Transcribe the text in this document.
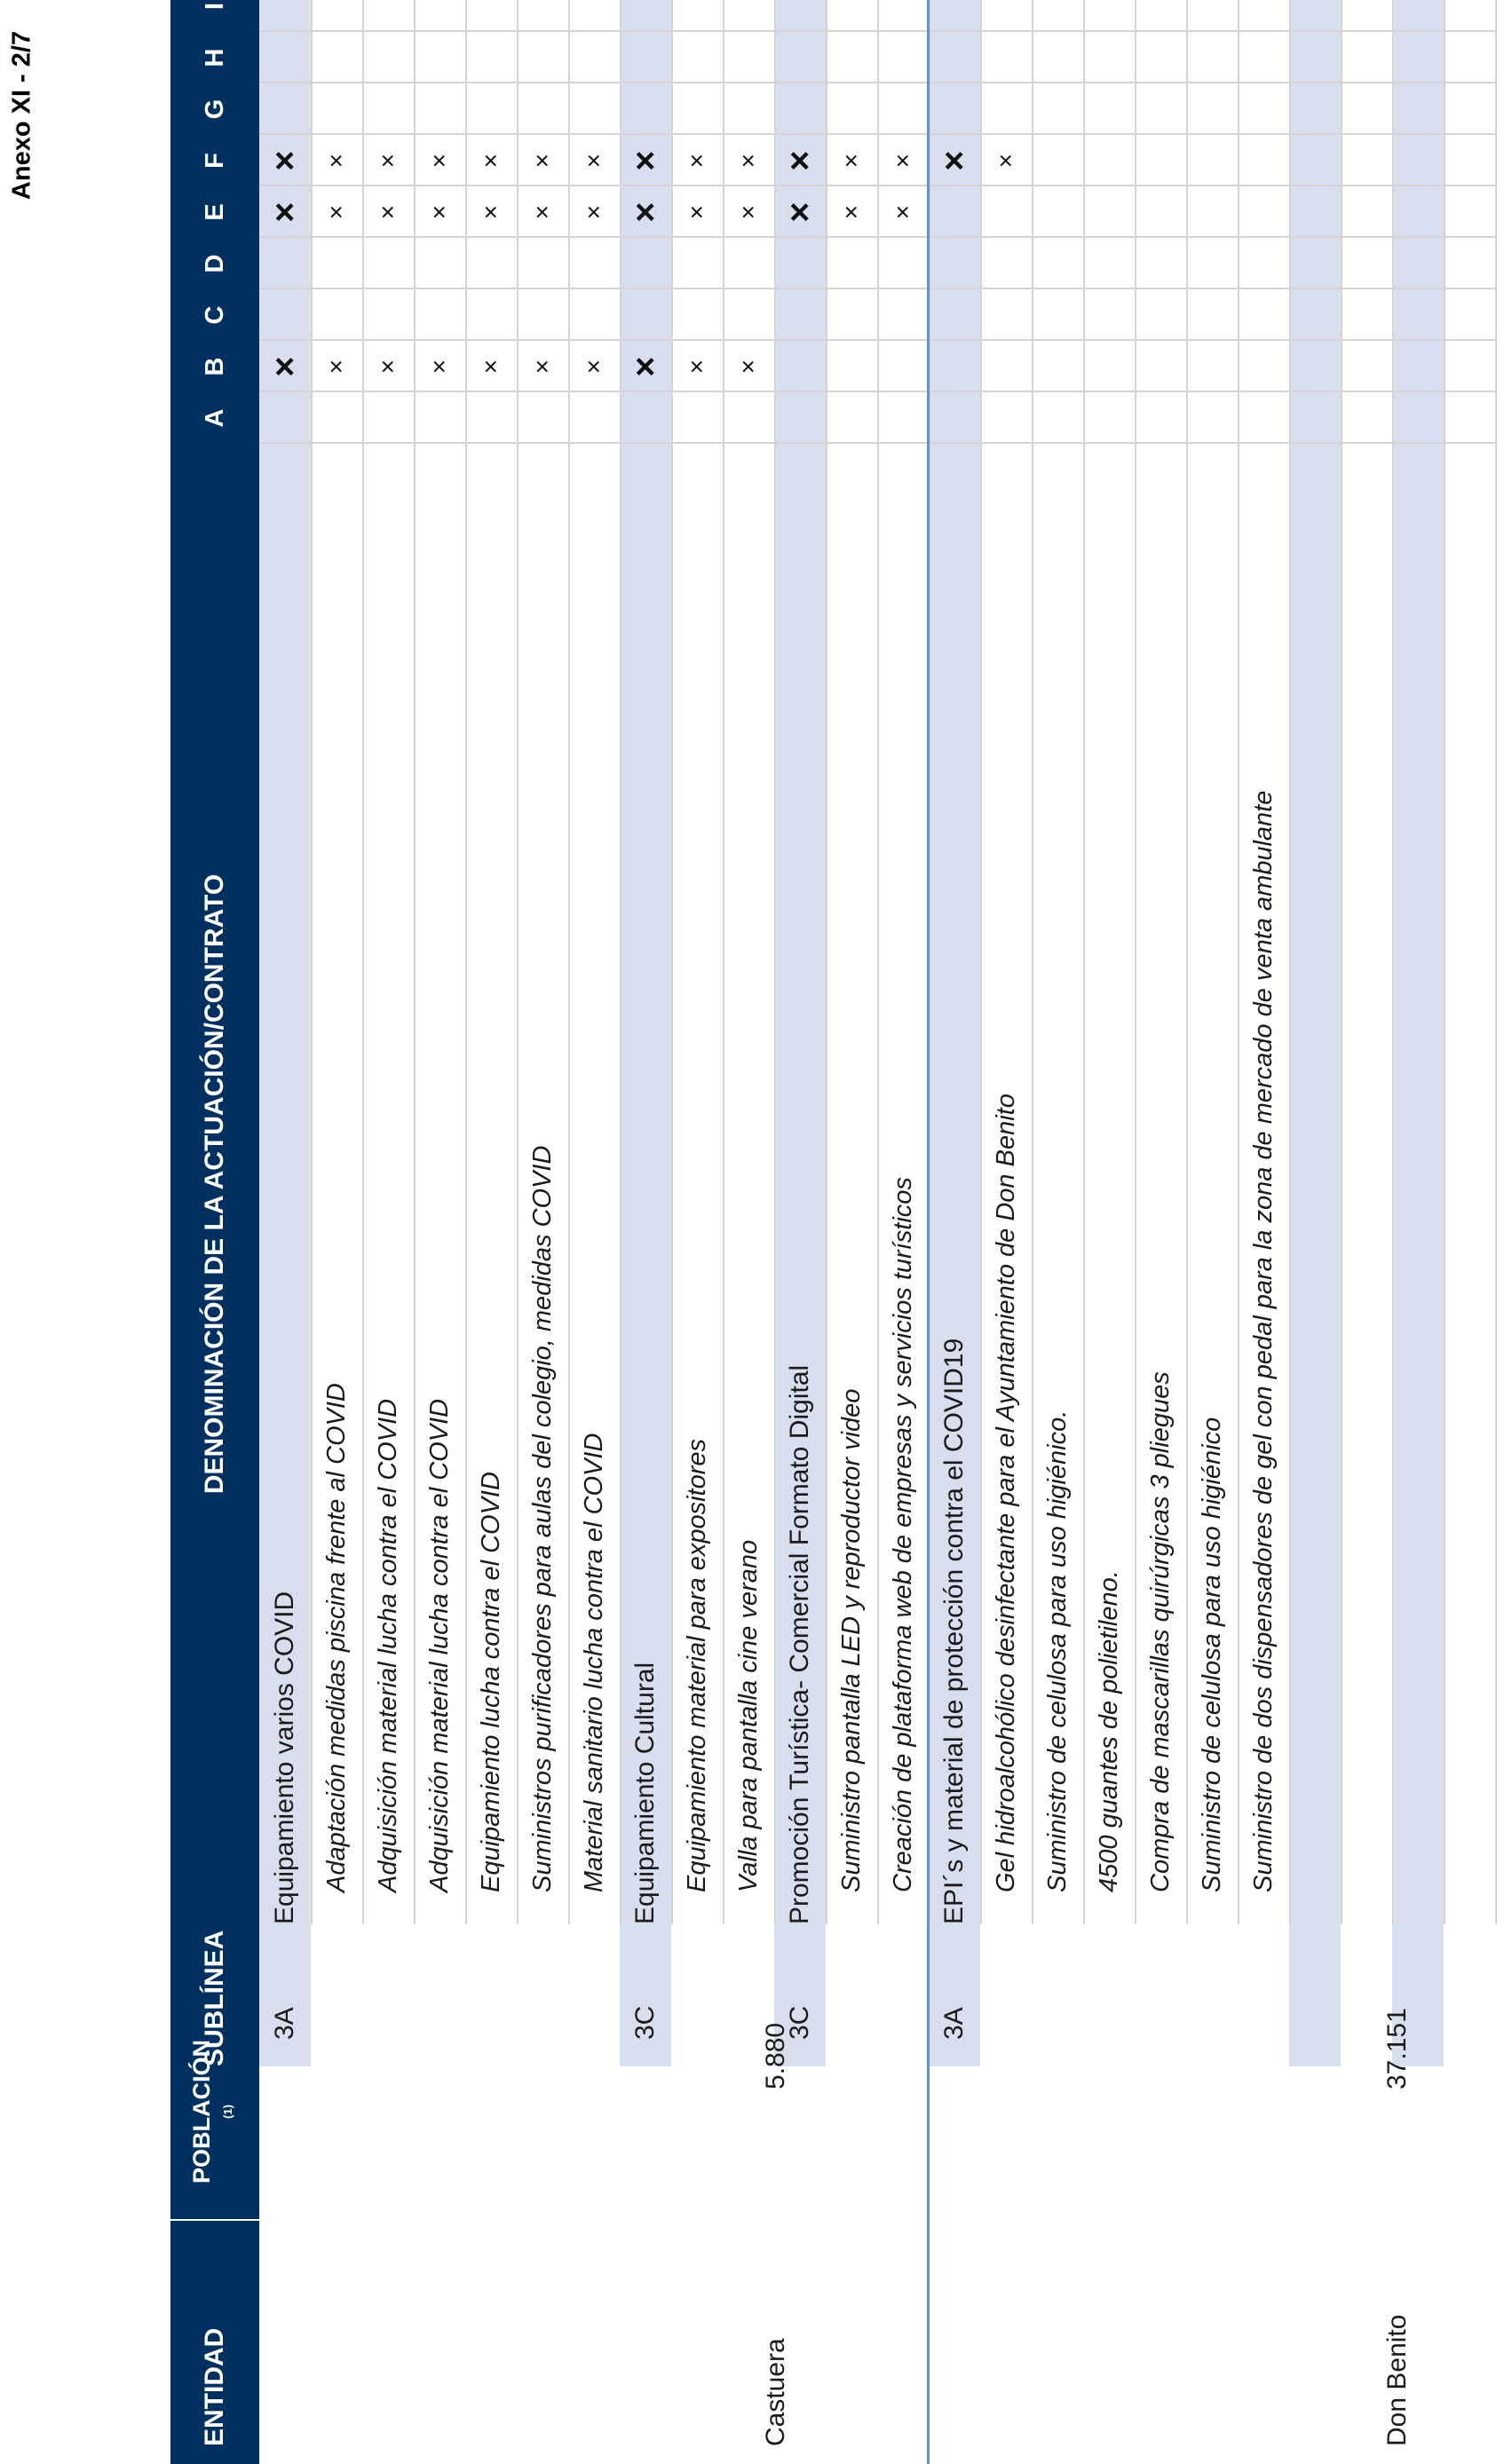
Anexo XI - 2/7
ENTIDAD
POBLACIÓN (1)
SUBLÍNEA
DENOMINACIÓN DE LA ACTUACIÓN/CONTRATO
A
B
C
D
E
F
G
H
I
3A
Equipamiento varios COVID
×
×
×
Adaptación medidas piscina frente al COVID
×
×
×
Adquisición material lucha contra el COVID
×
×
×
Adquisición material lucha contra el COVID
×
×
×
Equipamiento lucha contra el COVID
×
×
×
Suministros purificadores para aulas del colegio, medidas COVID
×
×
×
Material sanitario lucha contra el COVID
×
×
×
3C
Equipamiento Cultural
×
×
×
Equipamiento material para expositores
×
×
×
Valla para pantalla cine verano
×
×
×
3C
Promoción Turística- Comercial Formato Digital
×
×
Suministro pantalla LED y reproductor video
×
×
Creación de plataforma web de empresas y servicios turísticos
×
×
3A
EPI´s y material de protección contra el COVID19
×
Gel hidroalcohólico desinfectante para el Ayuntamiento de Don Benito
×
Suministro de celulosa para uso higiénico. 4500 guantes de polietileno. Compra de mascarillas quirúrgicas 3 pliegues Suministro de celulosa para uso higiénico Suministro de dos dispensadores de gel con pedal para la zona de mercado de venta ambulante
Castuera
5.880
Don Benito
37.151
